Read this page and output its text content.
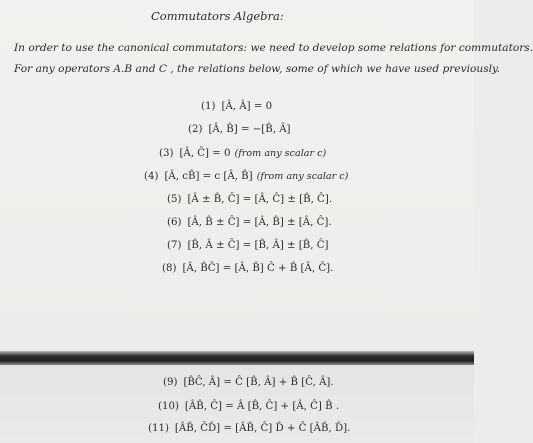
Commutators Algebra:
In order to use the canonical commutators: we need to develop some relations for commutators.
For any operators A.B and C , the relations below, some of which we have used previously.
(1) [Â, Â] = 0
(2) [Â, B̂] = −[B̂, Â]
(3) [Â, Ĉ] = 0 (from any scalar c)
(4) [Â, cB̂] = c [Â, B̂] (from any scalar c)
(5) [Â ± B̂, Ĉ] = [Â, Ĉ] ± [B̂, Ĉ].
(6) [Â, B̂ ± Ĉ] = [Â, B̂] ± [Â, Ĉ].
(7) [B̂, Â ± Ĉ] = [B̂, Â] ± [B̂, Ĉ]
(8) [Â, B̂Ĉ] = [Â, B̂] Ĉ + B̂ [Â, Ĉ].
(9) [B̂Ĉ, Â] = Ĉ [B̂, Â] + B̂ [Ĉ, Â].
(10) [ÂB̂, Ĉ] = Â [B̂, Ĉ] + [Â, Ĉ] B̂ .
(11) [ÂB̂, ĈD̂] = [ÂB̂, Ĉ] D̂ + Ĉ [ÂB̂, D̂].
